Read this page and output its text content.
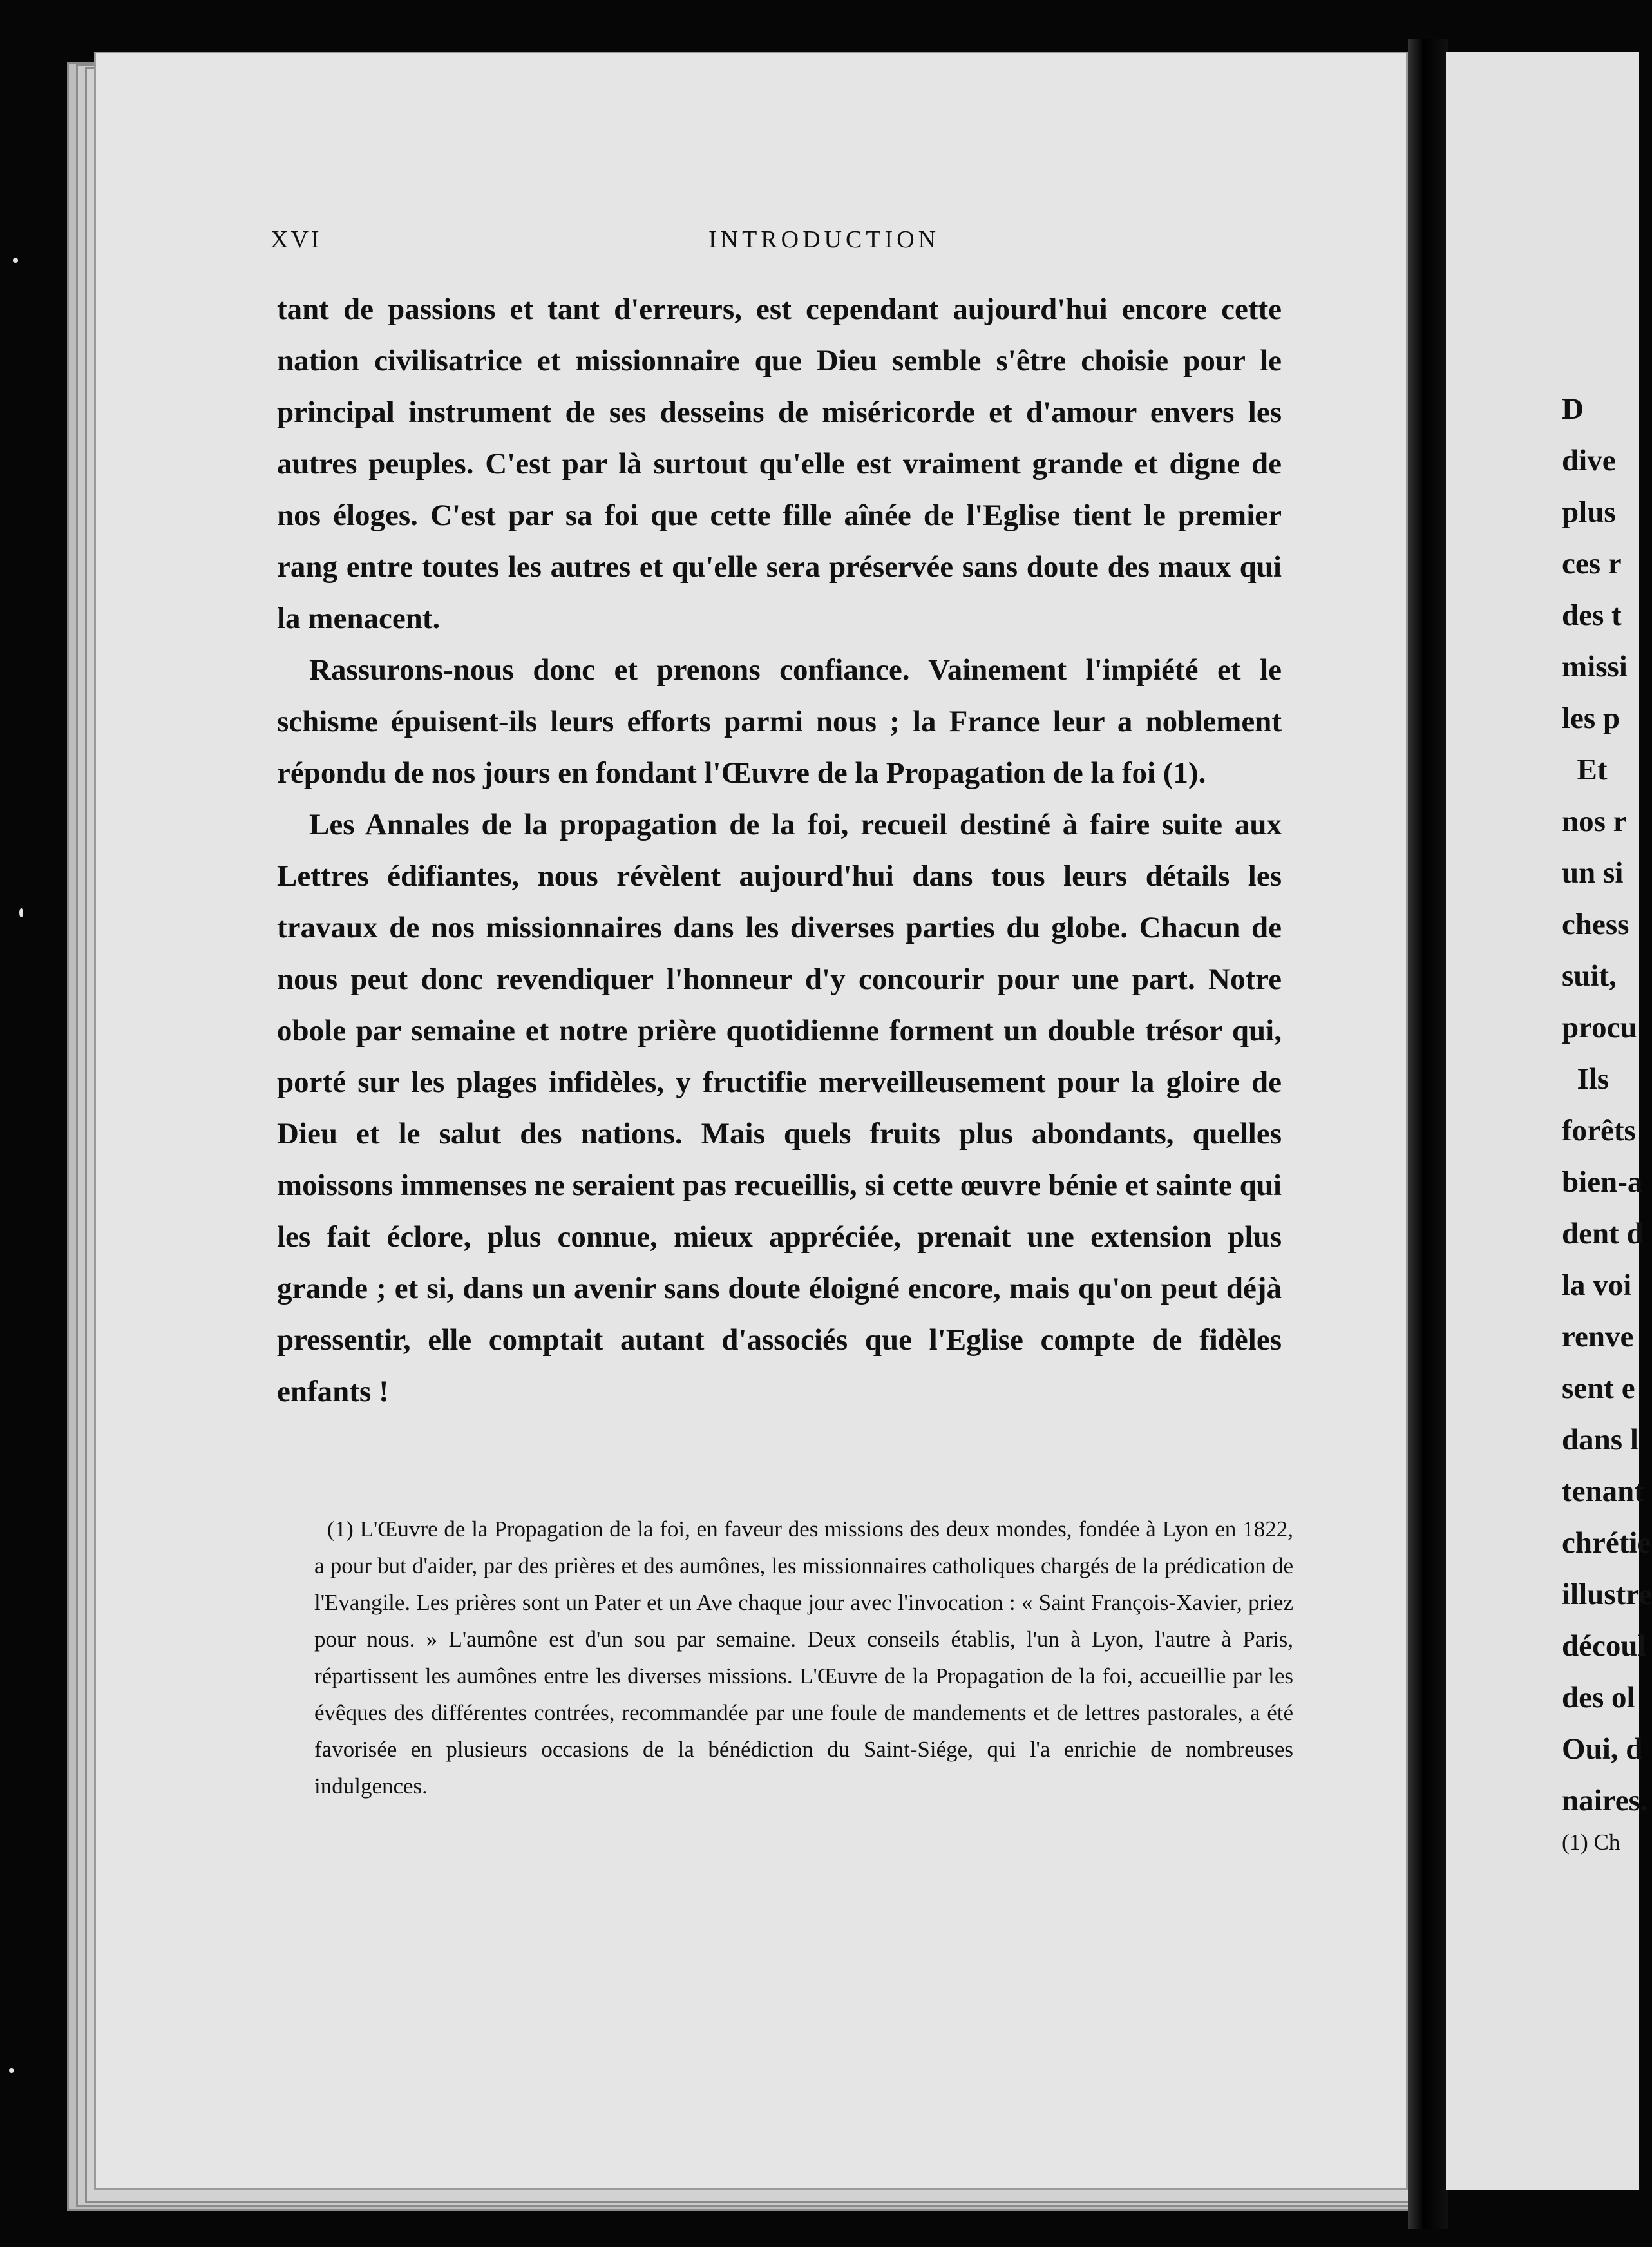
XVI	INTRODUCTION

tant de passions et tant d'erreurs, est cependant aujourd'hui encore cette nation civilisatrice et missionnaire que Dieu semble s'être choisie pour le principal instrument de ses desseins de miséricorde et d'amour envers les autres peuples. C'est par là surtout qu'elle est vraiment grande et digne de nos éloges. C'est par sa foi que cette fille aînée de l'Eglise tient le premier rang entre toutes les autres et qu'elle sera préservée sans doute des maux qui la menacent.

Rassurons-nous donc et prenons confiance. Vainement l'impiété et le schisme épuisent-ils leurs efforts parmi nous ; la France leur a noblement répondu de nos jours en fondant l'Œuvre de la Propagation de la foi (1).

Les Annales de la propagation de la foi, recueil destiné à faire suite aux Lettres édifiantes, nous révèlent aujourd'hui dans tous leurs détails les travaux de nos missionnaires dans les diverses parties du globe. Chacun de nous peut donc revendiquer l'honneur d'y concourir pour une part. Notre obole par semaine et notre prière quotidienne forment un double trésor qui, porté sur les plages infidèles, y fructifie merveilleusement pour la gloire de Dieu et le salut des nations. Mais quels fruits plus abondants, quelles moissons immenses ne seraient pas recueillis, si cette œuvre bénie et sainte qui les fait éclore, plus connue, mieux appréciée, prenait une extension plus grande ; et si, dans un avenir sans doute éloigné encore, mais qu'on peut déjà pressentir, elle comptait autant d'associés que l'Eglise compte de fidèles enfants !

(1) L'Œuvre de la Propagation de la foi, en faveur des missions des deux mondes, fondée à Lyon en 1822, a pour but d'aider, par des prières et des aumônes, les missionnaires catholiques chargés de la prédication de l'Evangile. Les prières sont un Pater et un Ave chaque jour avec l'invocation : « Saint François-Xavier, priez pour nous. » L'aumône est d'un sou par semaine. Deux conseils établis, l'un à Lyon, l'autre à Paris, répartissent les aumônes entre les diverses missions. L'Œuvre de la Propagation de la foi, accueillie par les évêques des différentes contrées, recommandée par une foule de mandements et de lettres pastorales, a été favorisée en plusieurs occasions de la bénédiction du Saint-Siége, qui l'a enrichie de nombreuses indulgences.

D
dive
plus
ces r
des t
missi
les p
Et
nos r
un si
chess
suit,
procu
Ils
forêts
bien-a
dent d
la voi
renve
sent e
dans l
tenant
chrétie
illustre
découl
des ol
Oui, d
naires.
(1) Ch
